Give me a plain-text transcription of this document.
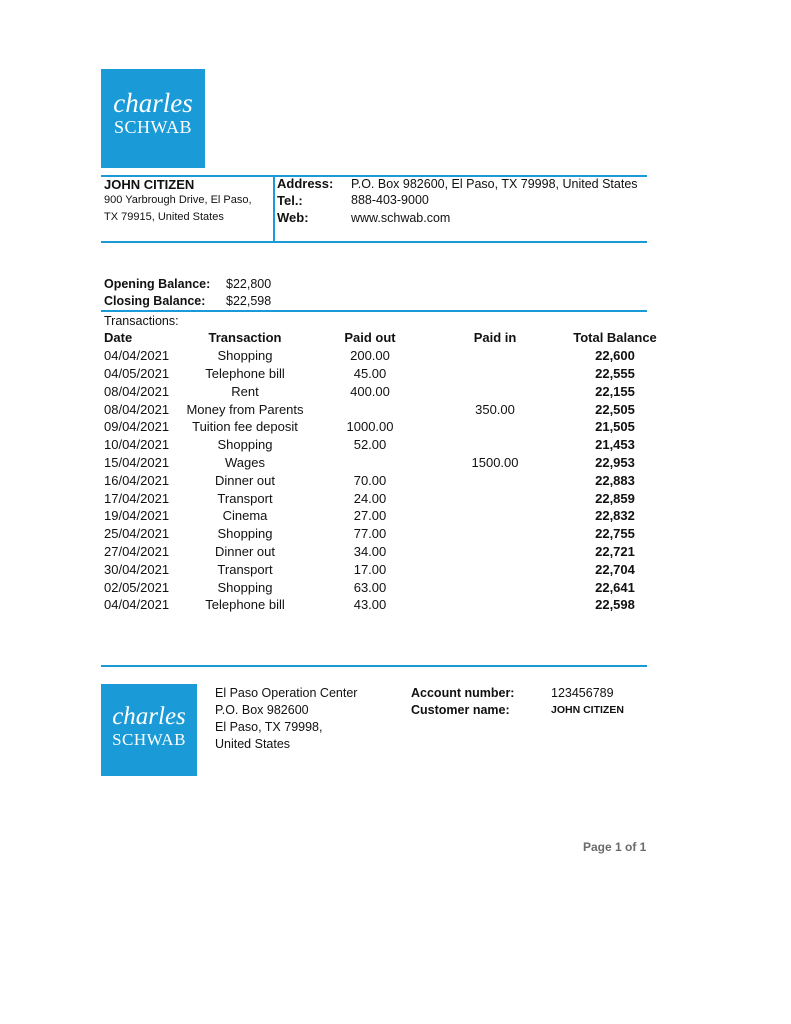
charles
SCHWAB
JOHN CITIZEN
900 Yarbrough Drive, El Paso,
TX 79915, United States
Address: P.O. Box 982600, El Paso, TX 79998, United States
Tel.:	888-403-9000
Web:	www.schwab.com
Opening Balance: $22,800
Closing Balance: $22,598
Transactions:
Date	Transaction	Paid out	Paid in	Total Balance
04/04/2021	Shopping	200.00		22,600
04/05/2021	Telephone bill	45.00		22,555
08/04/2021	Rent	400.00		22,155
08/04/2021	Money from Parents		350.00	22,505
09/04/2021	Tuition fee deposit	1000.00		21,505
10/04/2021	Shopping	52.00		21,453
15/04/2021	Wages		1500.00	22,953
16/04/2021	Dinner out	70.00		22,883
17/04/2021	Transport	24.00		22,859
19/04/2021	Cinema	27.00		22,832
25/04/2021	Shopping	77.00		22,755
27/04/2021	Dinner out	34.00		22,721
30/04/2021	Transport	17.00		22,704
02/05/2021	Shopping	63.00		22,641
04/04/2021	Telephone bill	43.00		22,598
charles
SCHWAB
El Paso Operation Center
P.O. Box 982600
El Paso, TX 79998,
United States
Account number:	123456789
Customer name:	JOHN CITIZEN
Page 1 of 1
